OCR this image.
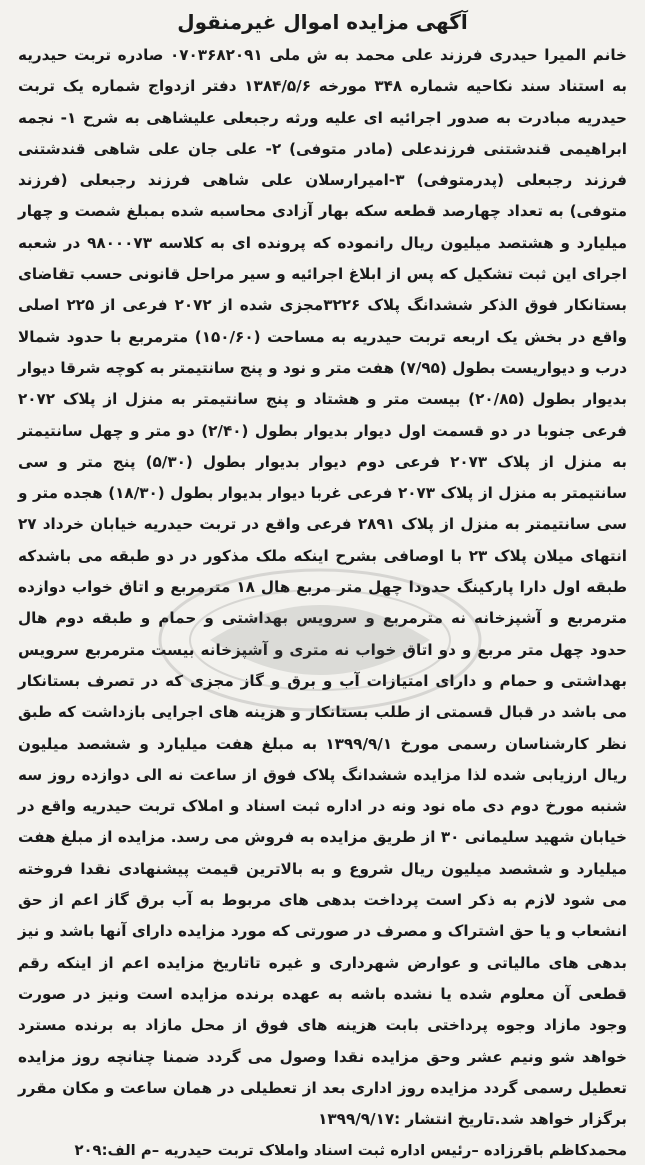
آگهی مزایده اموال غیرمنقول

خانم المیرا حیدری فرزند علی محمد به ش ملی ۰۷۰۳۶۸۲۰۹۱ صادره تربت حیدریه به استناد سند نکاحیه شماره ۳۴۸ مورخه ۱۳۸۴/۵/۶ دفتر ازدواج شماره یک تربت حیدریه مبادرت به صدور اجرائیه ای علیه ورثه رجبعلی علیشاهی به شرح ۱- نجمه ابراهیمی قندشتنی فرزندعلی (مادر متوفی) ۲- علی جان علی شاهی قندشتنی فرزند رجبعلی (پدرمتوفی) ۳-امیرارسلان علی شاهی فرزند رجبعلی (فرزند متوفی) به تعداد چهارصد قطعه سکه بهار آزادی محاسبه شده بمبلغ شصت و چهار میلیارد و هشتصد میلیون ریال رانموده که پرونده ای به کلاسه ۹۸۰۰۰۷۳ در شعبه اجرای این ثبت تشکیل که پس از ابلاغ اجرائیه و سیر مراحل قانونی حسب تقاضای بستانکار فوق الذکر ششدانگ پلاک ۳۲۲۶مجزی شده از ۲۰۷۲ فرعی از ۲۲۵ اصلی واقع در بخش یک اربعه تربت حیدریه به مساحت (۱۵۰/۶۰) مترمربع با حدود شمالا درب و دیواریست بطول (۷/۹۵) هفت متر و نود و پنج سانتیمتر به کوچه شرقا دیوار بدیوار بطول (۲۰/۸۵) بیست متر و هشتاد و پنج سانتیمتر به منزل از پلاک ۲۰۷۲ فرعی جنوبا در دو قسمت اول دیوار بدیوار بطول (۲/۴۰) دو متر و چهل سانتیمتر به منزل از پلاک ۲۰۷۳ فرعی دوم دیوار بدیوار بطول (۵/۳۰) پنج متر و سی سانتیمتر به منزل از پلاک ۲۰۷۳ فرعی غربا دیوار بدیوار بطول (۱۸/۳۰) هجده متر و سی سانتیمتر به منزل از پلاک ۲۸۹۱ فرعی واقع در تربت حیدریه خیابان خرداد ۲۷ انتهای میلان پلاک ۲۳ با اوصافی بشرح اینکه ملک مذکور در دو طبقه می باشدکه طبقه اول دارا پارکینگ حدودا چهل متر مربع هال ۱۸ مترمربع و اتاق خواب دوازده مترمربع و آشپزخانه نه مترمربع و سرویس بهداشتی و حمام و طبقه دوم هال حدود چهل متر مربع و دو اتاق خواب نه متری و آشپزخانه بیست مترمربع سرویس بهداشتی و حمام و دارای امتیازات آب و برق و گاز مجزی که در تصرف بستانکار می باشد در قبال قسمتی از طلب بستانکار و هزینه های اجرایی بازداشت که طبق نظر کارشناسان رسمی مورخ ۱۳۹۹/۹/۱ به مبلغ هفت میلیارد و ششصد میلیون ریال ارزیابی شده لذا مزایده ششدانگ پلاک فوق از ساعت نه الی دوازده روز سه شنبه مورخ دوم دی ماه نود ونه در اداره ثبت اسناد و املاک تربت حیدریه واقع در خیابان شهید سلیمانی ۳۰ از طریق مزایده به فروش می رسد. مزایده از مبلغ هفت میلیارد و ششصد میلیون ریال شروع و به بالاترین قیمت پیشنهادی نقدا فروخته می شود لازم به ذکر است پرداخت بدهی های مربوط به آب برق گاز اعم از حق انشعاب و یا حق اشتراک و مصرف در صورتی که مورد مزایده دارای آنها باشد و نیز بدهی های مالیاتی و عوارض شهرداری و غیره تاتاریخ مزایده اعم از اینکه رقم قطعی آن معلوم شده یا نشده باشه به عهده برنده مزایده است ونیز در صورت وجود مازاد وجوه پرداختی بابت هزینه های فوق از محل مازاد به برنده مسترد خواهد شو ونیم عشر وحق مزایده نقدا وصول می گردد ضمنا چنانچه روز مزایده تعطیل رسمی گردد مزایده روز اداری بعد از تعطیلی در همان ساعت و مکان مقرر برگزار خواهد شد.تاریخ انتشار :۱۳۹۹/۹/۱۷

محمدکاظم باقرزاده –رئیس اداره ثبت اسناد واملاک تربت حیدریه –م الف:۲۰۹
